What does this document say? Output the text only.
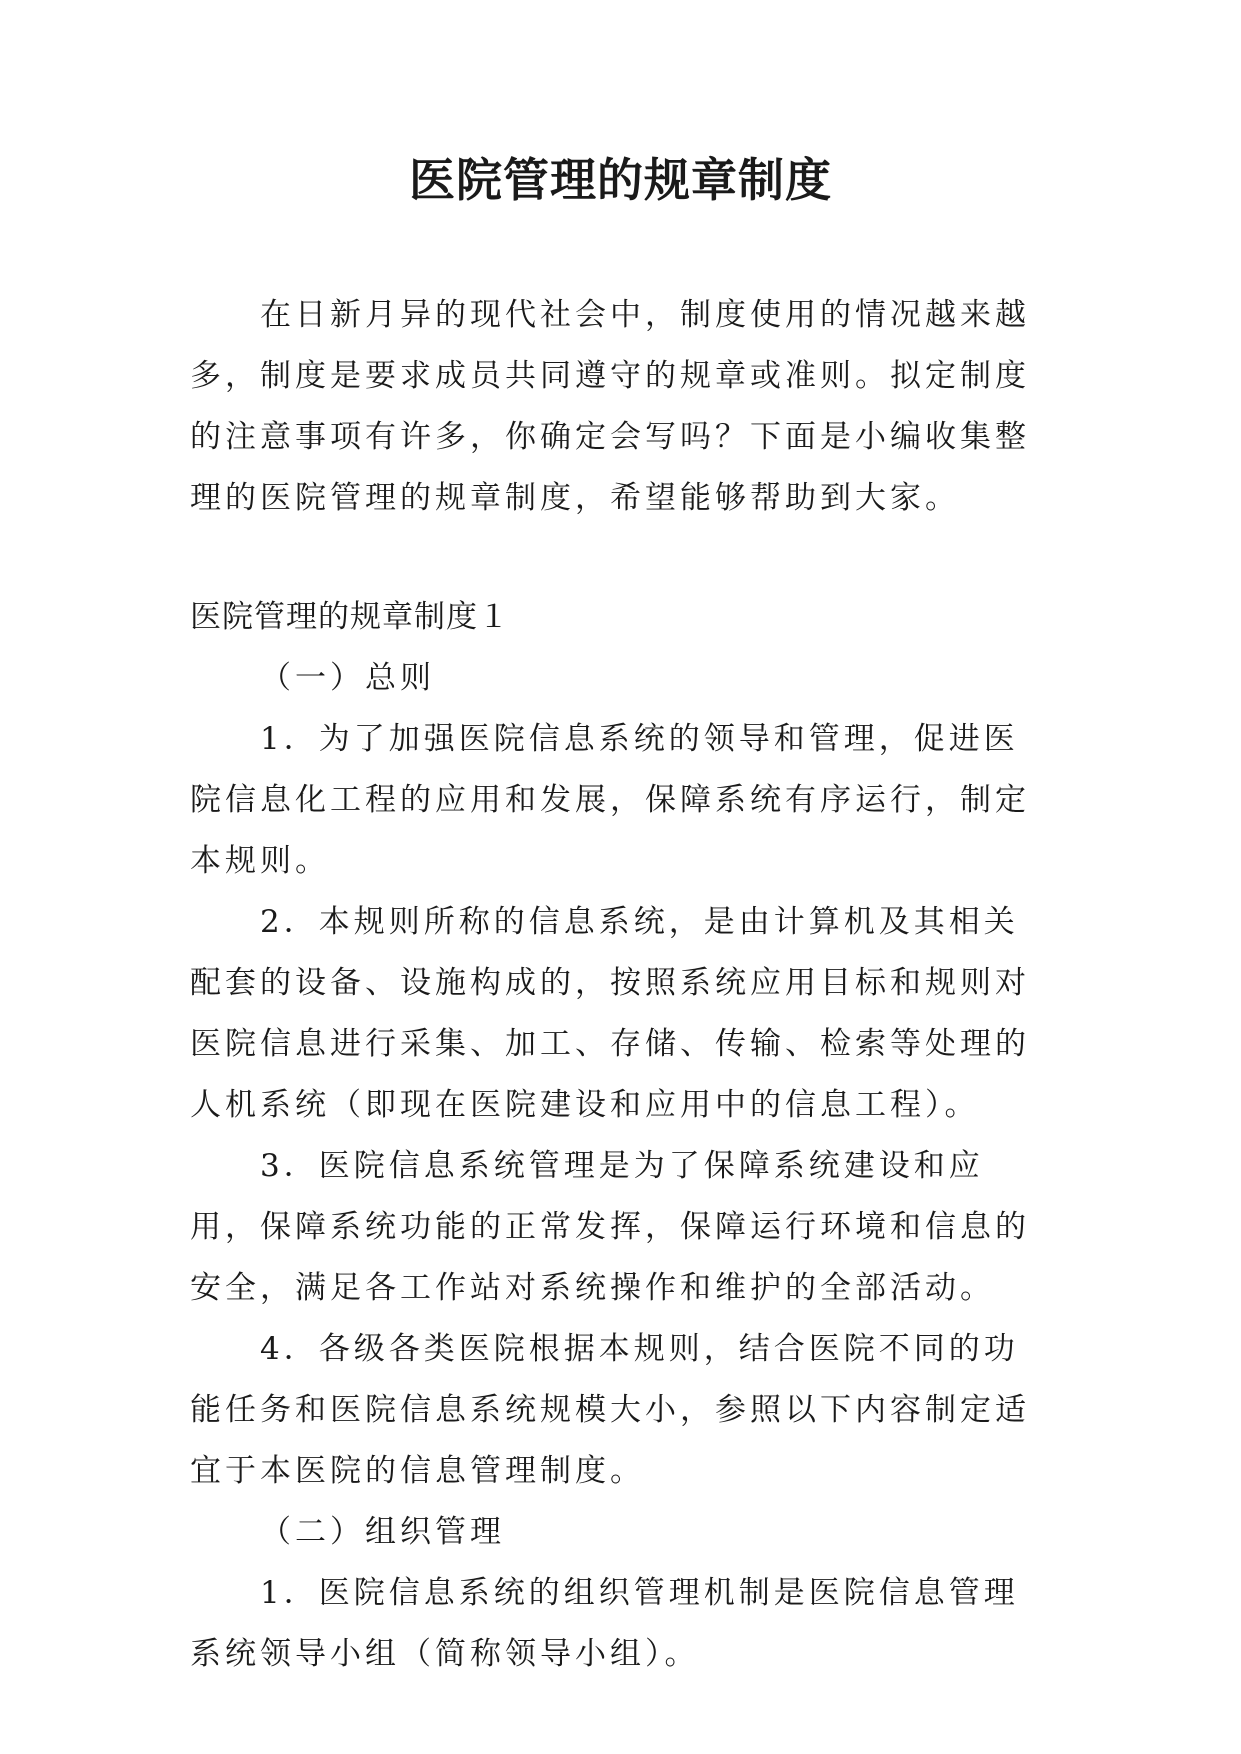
医院管理的规章制度

在日新月异的现代社会中，制度使用的情况越来越多，制度是要求成员共同遵守的规章或准则。拟定制度的注意事项有许多，你确定会写吗？下面是小编收集整理的医院管理的规章制度，希望能够帮助到大家。

医院管理的规章制度１

（一）总则

1．为了加强医院信息系统的领导和管理，促进医院信息化工程的应用和发展，保障系统有序运行，制定本规则。

2．本规则所称的信息系统，是由计算机及其相关配套的设备、设施构成的，按照系统应用目标和规则对医院信息进行采集、加工、存储、传输、检索等处理的人机系统（即现在医院建设和应用中的信息工程）。

3．医院信息系统管理是为了保障系统建设和应用，保障系统功能的正常发挥，保障运行环境和信息的安全，满足各工作站对系统操作和维护的全部活动。

4．各级各类医院根据本规则，结合医院不同的功能任务和医院信息系统规模大小，参照以下内容制定适宜于本医院的信息管理制度。

（二）组织管理

1．医院信息系统的组织管理机制是医院信息管理系统领导小组（简称领导小组）。
